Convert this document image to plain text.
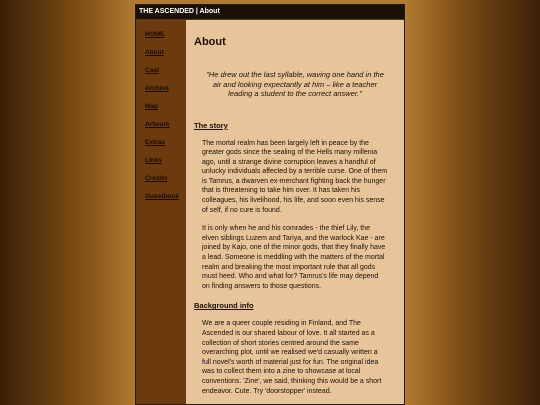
THE ASCENDED | About
HOME
About
Cast
Archive
Map
Artwork
Extras
Links
Credits
Guestbook
About
"He drew out the last syllable, waving one hand in the air and looking expectantly at him – like a teacher leading a student to the correct answer."
The story

The mortal realm has been largely left in peace by the greater gods since the sealing of the Hells many millenia ago, until a strange divine corruption leaves a handful of unlucky individuals affected by a terrible curse. One of them is Tamrus, a dwarven ex-merchant fighting back the hunger that is threatening to take him over. It has taken his colleagues, his livelihood, his life, and soon even his sense of self, if no cure is found.

It is only when he and his comrades - the thief Lily, the elven siblings Luzem and Tariya, and the warlock Kae - are joined by Kajo, one of the minor gods, that they finally have a lead. Someone is meddling with the matters of the mortal realm and breaking the most important rule that all gods must heed. Who and what for? Tamrus's life may depend on finding answers to those questions.

Background info

We are a queer couple residing in Finland, and The Ascended is our shared labour of love. It all started as a collection of short stories centred around the same overarching plot, until we realised we'd casually written a full novel's worth of material just for fun. The original idea was to collect them into a zine to showcase at local conventions. 'Zine', we said, thinking this would be a short endeavor. Cute. Try 'doorstopper' instead.
